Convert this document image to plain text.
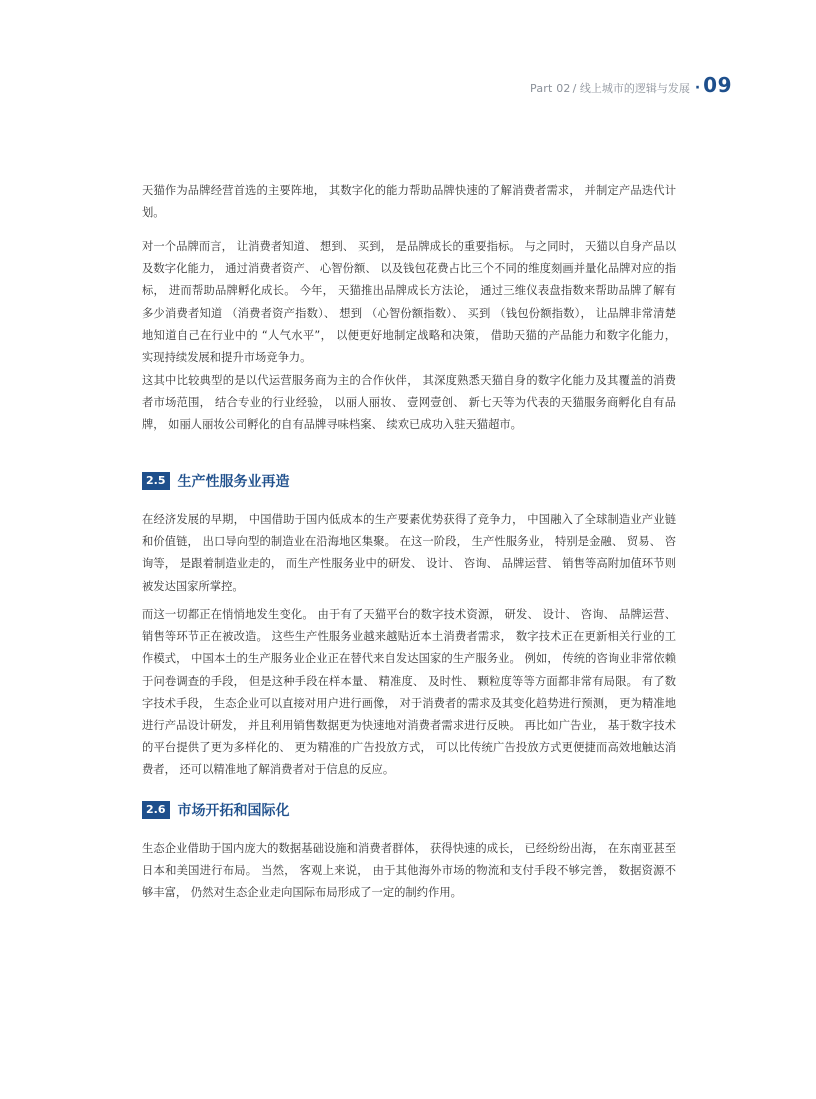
Part 02 / 线上城市的逻辑与发展 · 09

天猫作为品牌经营首选的主要阵地， 其数字化的能力帮助品牌快速的了解消费者需求， 并制定产品迭代计划。

对一个品牌而言， 让消费者知道、 想到、 买到， 是品牌成长的重要指标。 与之同时， 天猫以自身产品以及数字化能力， 通过消费者资产、 心智份额、 以及钱包花费占比三个不同的维度刻画并量化品牌对应的指标， 进而帮助品牌孵化成长。 今年， 天猫推出品牌成长方法论， 通过三维仪表盘指数来帮助品牌了解有多少消费者知道 （消费者资产指数）、 想到 （心智份额指数）、 买到 （钱包份额指数）， 让品牌非常清楚地知道自己在行业中的 “人气水平”， 以便更好地制定战略和决策， 借助天猫的产品能力和数字化能力， 实现持续发展和提升市场竞争力。

这其中比较典型的是以代运营服务商为主的合作伙伴， 其深度熟悉天猫自身的数字化能力及其覆盖的消费者市场范围， 结合专业的行业经验， 以丽人丽妆、 壹网壹创、 新七天等为代表的天猫服务商孵化自有品牌， 如丽人丽妆公司孵化的自有品牌寻味档案、 续欢已成功入驻天猫超市。

2.5 生产性服务业再造

在经济发展的早期， 中国借助于国内低成本的生产要素优势获得了竞争力， 中国融入了全球制造业产业链和价值链， 出口导向型的制造业在沿海地区集聚。 在这一阶段， 生产性服务业， 特别是金融、 贸易、 咨询等， 是跟着制造业走的， 而生产性服务业中的研发、 设计、 咨询、 品牌运营、 销售等高附加值环节则被发达国家所掌控。

而这一切都正在悄悄地发生变化。 由于有了天猫平台的数字技术资源， 研发、 设计、 咨询、 品牌运营、 销售等环节正在被改造。 这些生产性服务业越来越贴近本土消费者需求， 数字技术正在更新相关行业的工作模式， 中国本土的生产服务业企业正在替代来自发达国家的生产服务业。 例如， 传统的咨询业非常依赖于问卷调查的手段， 但是这种手段在样本量、 精准度、 及时性、 颗粒度等等方面都非常有局限。 有了数字技术手段， 生态企业可以直接对用户进行画像， 对于消费者的需求及其变化趋势进行预测， 更为精准地进行产品设计研发， 并且利用销售数据更为快速地对消费者需求进行反映。 再比如广告业， 基于数字技术的平台提供了更为多样化的、 更为精准的广告投放方式， 可以比传统广告投放方式更便捷而高效地触达消费者， 还可以精准地了解消费者对于信息的反应。

2.6 市场开拓和国际化

生态企业借助于国内庞大的数据基础设施和消费者群体， 获得快速的成长， 已经纷纷出海， 在东南亚甚至日本和美国进行布局。 当然， 客观上来说， 由于其他海外市场的物流和支付手段不够完善， 数据资源不够丰富， 仍然对生态企业走向国际布局形成了一定的制约作用。
